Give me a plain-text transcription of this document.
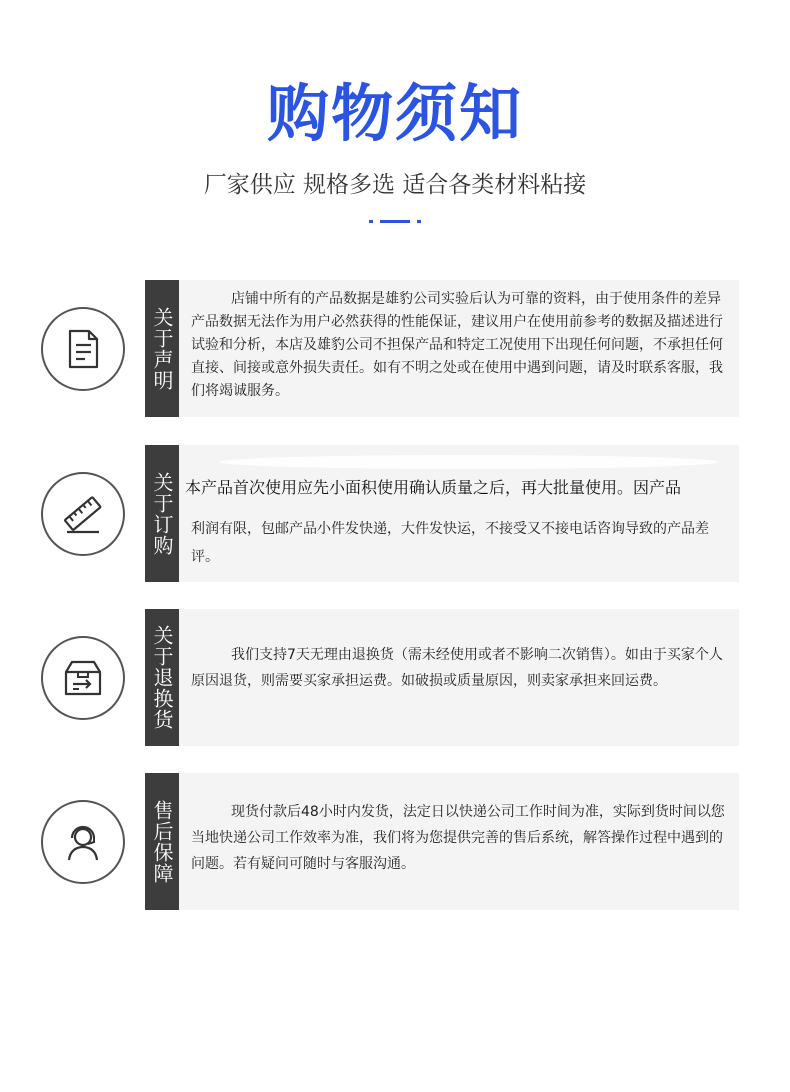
购物须知
厂家供应 规格多选 适合各类材料粘接
关于声明
店铺中所有的产品数据是雄豹公司实验后认为可靠的资料，由于使用条件的差异产品数据无法作为用户必然获得的性能保证，建议用户在使用前参考的数据及描述进行试验和分析，本店及雄豹公司不担保产品和特定工况使用下出现任何问题，不承担任何直接、间接或意外损失责任。如有不明之处或在使用中遇到问题，请及时联系客服，我们将竭诚服务。
关于订购 本产品首次使用应先小面积使用确认质量之后，再大批量使用。因产品
利润有限，包邮产品小件发快递，大件发快运，不接受又不接电话咨询导致的产品差评。
关于退换货	我们支持7天无理由退换货（需未经使用或者不影响二次销售）。如由于买家个人原因退货，则需要买家承担运费。如破损或质量原因，则卖家承担来回运费。
售后保障	现货付款后48小时内发货，法定日以快递公司工作时间为准，实际到货时间以您当地快递公司工作效率为准，我们将为您提供完善的售后系统，解答操作过程中遇到的问题。若有疑问可随时与客服沟通。
